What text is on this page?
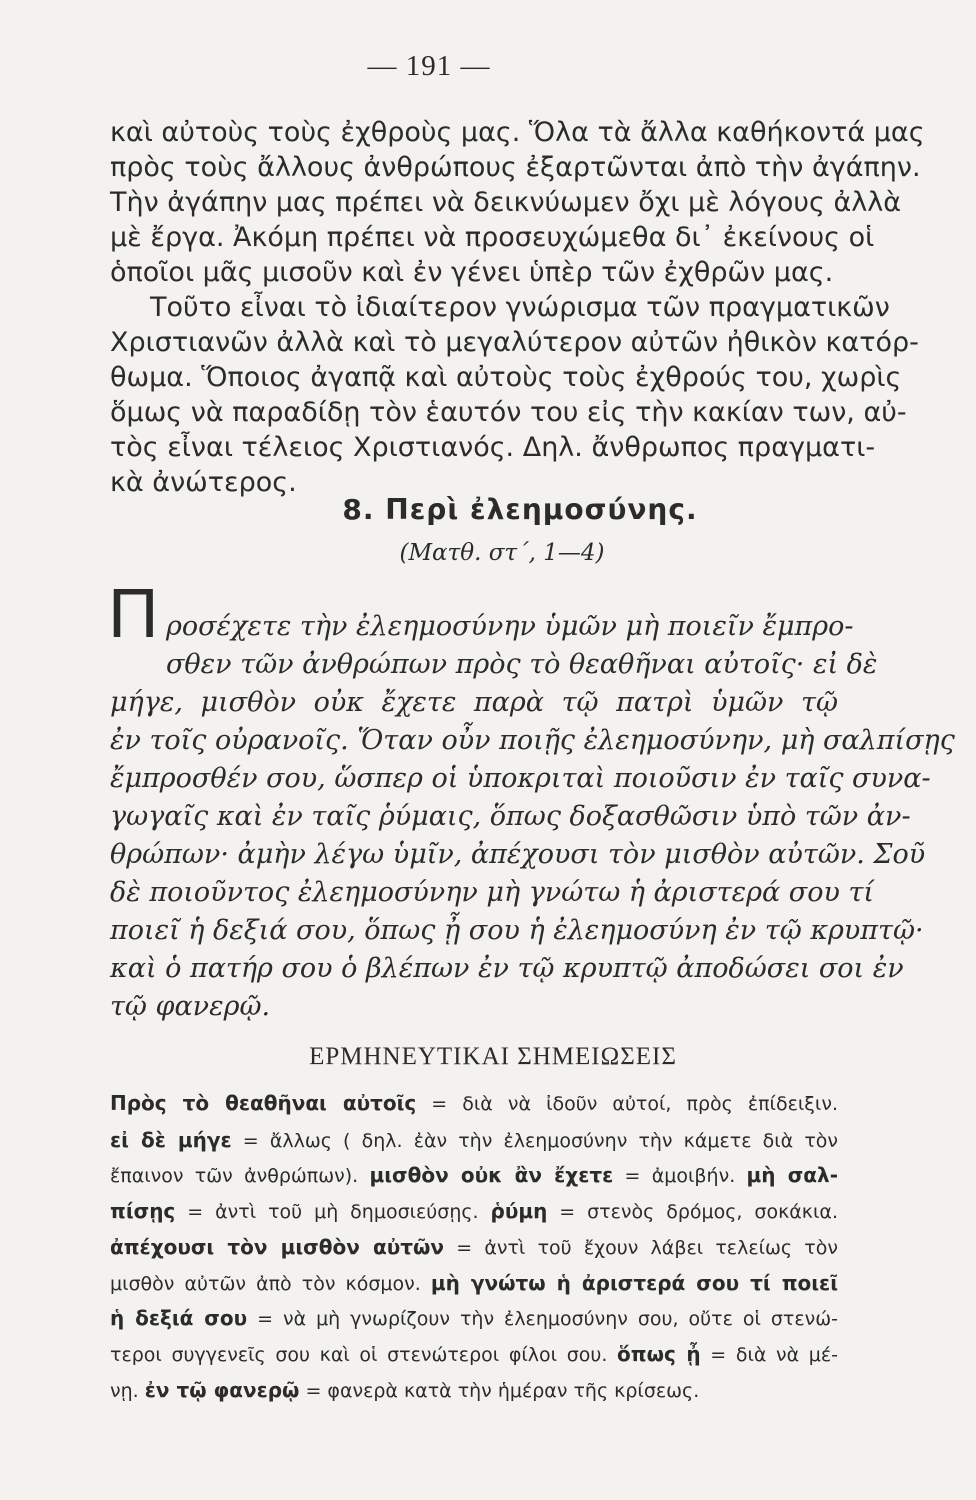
— 191 —
καὶ αὐτοὺς τοὺς ἐχθροὺς μας. Ὅλα τὰ ἄλλα καθήκοντά μας
πρὸς τοὺς ἄλλους ἀνθρώπους ἐξαρτῶνται ἀπὸ τὴν ἀγάπην.
Τὴν ἀγάπην μας πρέπει νὰ δεικνύωμεν ὄχι μὲ λόγους ἀλλὰ
μὲ ἔργα. Ἀκόμη πρέπει νὰ προσευχώμεθα δι᾿ ἐκείνους οἱ
ὁποῖοι μᾶς μισοῦν καὶ ἐν γένει ὑπὲρ τῶν ἐχθρῶν μας.
Τοῦτο εἶναι τὸ ἰδιαίτερον γνώρισμα τῶν πραγματικῶν
Χριστιανῶν ἀλλὰ καὶ τὸ μεγαλύτερον αὐτῶν ἠθικὸν κατόρ-
θωμα. Ὅποιος ἀγαπᾷ καὶ αὐτοὺς τοὺς ἐχθρούς του, χωρὶς
ὅμως νὰ παραδίδῃ τὸν ἑαυτόν του εἰς τὴν κακίαν των, αὐ-
τὸς εἶναι τέλειος Χριστιανός. Δηλ. ἄνθρωπος πραγματι-
κὰ ἀνώτερος.
8. Περὶ ἐλεημοσύνης.
(Ματθ. στ΄, 1—4)
Π ροσέχετε τὴν ἐλεημοσύνην ὑμῶν μὴ ποιεῖν ἔμπρο-
σθεν τῶν ἀνθρώπων πρὸς τὸ θεαθῆναι αὐτοῖς· εἰ δὲ
μήγε, μισθὸν οὐκ ἔχετε παρὰ τῷ πατρὶ ὑμῶν τῷ
ἐν τοῖς οὐρανοῖς. Ὅταν οὖν ποιῇς ἐλεημοσύνην, μὴ σαλπίσῃς
ἔμπροσθέν σου, ὥσπερ οἱ ὑποκριταὶ ποιοῦσιν ἐν ταῖς συνα-
γωγαῖς καὶ ἐν ταῖς ῥύμαις, ὅπως δοξασθῶσιν ὑπὸ τῶν ἀν-
θρώπων· ἀμὴν λέγω ὑμῖν, ἀπέχουσι τὸν μισθὸν αὐτῶν. Σοῦ
δὲ ποιοῦντος ἐλεημοσύνην μὴ γνώτω ἡ ἀριστερά σου τί
ποιεῖ ἡ δεξιά σου, ὅπως ᾖ σου ἡ ἐλεημοσύνη ἐν τῷ κρυπτῷ·
καὶ ὁ πατήρ σου ὁ βλέπων ἐν τῷ κρυπτῷ ἀποδώσει σοι ἐν
τῷ φανερῷ.
ΕΡΜΗΝΕΥΤΙΚΑΙ ΣΗΜΕΙΩΣΕΙΣ
Πρὸς τὸ θεαθῆναι αὐτοῖς = διὰ νὰ ἰδοῦν αὐτοί, πρὸς ἐπίδειξιν.
εἰ δὲ μήγε = ἄλλως ( δηλ. ἐὰν τὴν ἐλεημοσύνην τὴν κάμετε διὰ τὸν
ἔπαινον τῶν ἀνθρώπων). μισθὸν οὐκ ἂν ἔχετε = ἀμοιβήν. μὴ σαλ-
πίσῃς = ἀντὶ τοῦ μὴ δημοσιεύσῃς. ῥύμη = στενὸς δρόμος, σοκάκια.
ἀπέχουσι τὸν μισθὸν αὐτῶν = ἀντὶ τοῦ ἔχουν λάβει τελείως τὸν
μισθὸν αὐτῶν ἀπὸ τὸν κόσμον. μὴ γνώτω ἡ ἀριστερά σου τί ποιεῖ
ἡ δεξιά σου = νὰ μὴ γνωρίζουν τὴν ἐλεημοσύνην σου, οὔτε οἱ στενώ-
τεροι συγγενεῖς σου καὶ οἱ στενώτεροι φίλοι σου. ὅπως ᾖ = διὰ νὰ μέ-
νῃ. ἐν τῷ φανερῷ = φανερὰ κατὰ τὴν ἡμέραν τῆς κρίσεως.
